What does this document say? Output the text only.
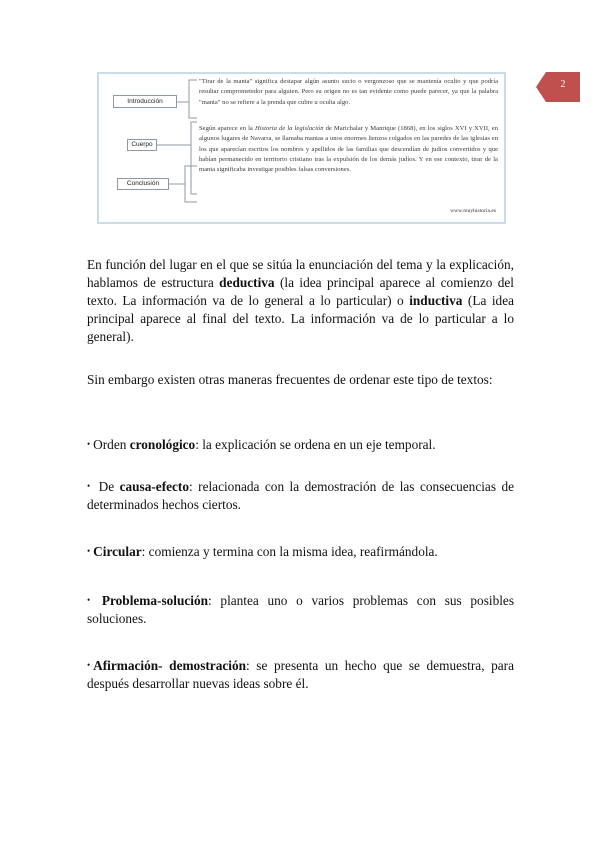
2
Introducción
Cuerpo
Conclusión
"Tirar de la manta" significa destapar algún asunto sucio o vergonzoso que se mantenía oculto y que podría resultar comprometedor para alguien. Pero su origen no es tan evidente como puede parecer, ya que la palabra "manta" no se refiere a la prenda que cubre u oculta algo.
Según aparece en la Historia de la legislación de Marichalar y Manrique (1868), en los siglos XVI y XVII, en algunos lugares de Navarra, se llamaba mantas a unos enormes lienzos colgados en las paredes de las iglesias en los que aparecían escritos los nombres y apellidos de las familias que descendían de judíos convertidos y que habían permanecido en territorio cristiano tras la expulsión de los demás judíos. Y en ese contexto, tirar de la manta significaba investigar posibles falsas conversiones.
www.muyhistoria.es
En función del lugar en el que se sitúa la enunciación del tema y la explicación, hablamos de estructura deductiva (la idea principal aparece al comienzo del texto. La información va de lo general a lo particular) o inductiva (La idea principal aparece al final del texto. La información va de lo particular a lo general).
Sin embargo existen otras maneras frecuentes de ordenar este tipo de textos:
• Orden cronológico: la explicación se ordena en un eje temporal.
• De causa-efecto: relacionada con la demostración de las consecuencias de determinados hechos ciertos.
• Circular: comienza y termina con la misma idea, reafirmándola.
• Problema-solución: plantea uno o varios problemas con sus posibles soluciones.
• Afirmación- demostración: se presenta un hecho que se demuestra, para después desarrollar nuevas ideas sobre él.
